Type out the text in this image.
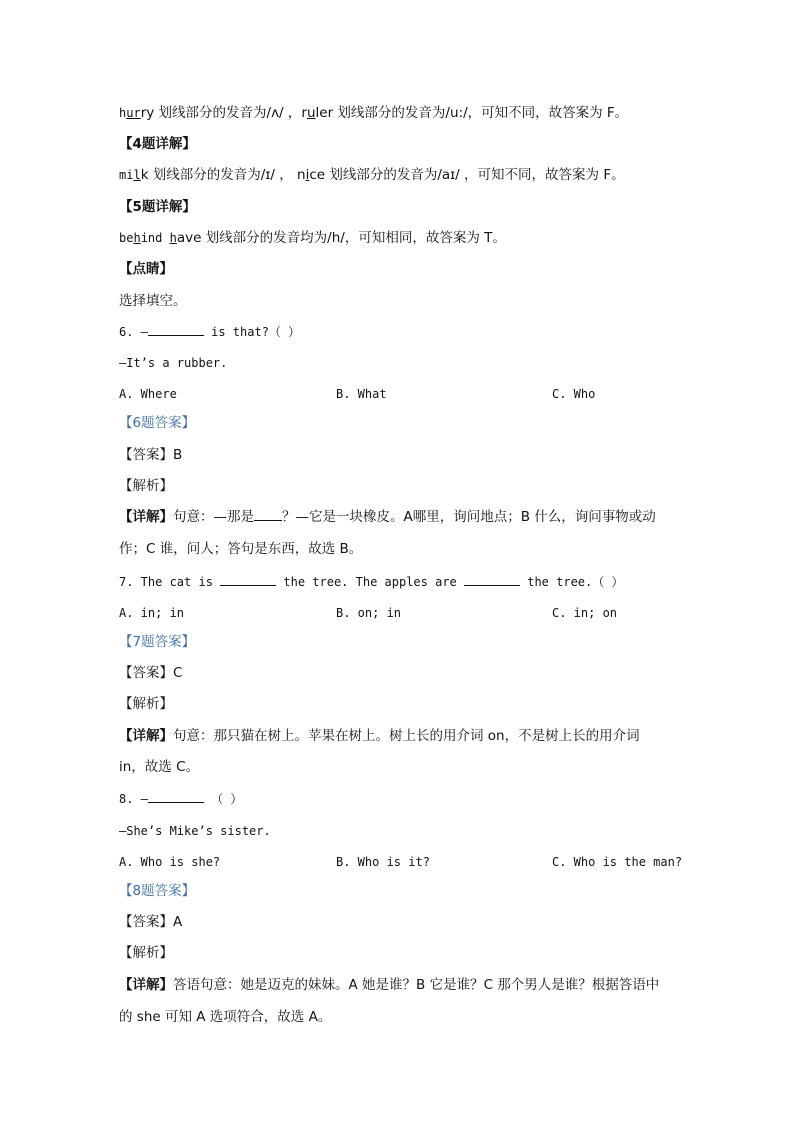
hurry 划线部分的发音为/ʌ/ ，ruler 划线部分的发音为/u:/，可知不同，故答案为 F。
【4题详解】
milk 划线部分的发音为/ɪ/ ， nice 划线部分的发音为/aɪ/ ，可知不同，故答案为 F。
【5题详解】
behind have 划线部分的发音均为/h/，可知相同，故答案为 T。
【点睛】
选择填空。
6. —	is that?（ ）
—It’s a rubber.
A. Where	B. What	C. Who
【6题答案】
【答案】B
【解析】
【详解】句意：—那是 ？—它是一块橡皮。A哪里，询问地点；B 什么，询问事物或动
作；C 谁，问人；答句是东西，故选 B。
7. The cat is	the tree. The apples are	the tree.（ ）
A. in; in	B. on; in	C. in; on
【7题答案】
【答案】C
【解析】
【详解】句意：那只猫在树上。苹果在树上。树上长的用介词 on，不是树上长的用介词
in，故选 C。
8. —	（ ）
—She’s Mike’s sister.
A. Who is she?	B. Who is it?	C. Who is the man?
【8题答案】
【答案】A
【解析】
【详解】答语句意：她是迈克的妹妹。A 她是谁？B 它是谁？C 那个男人是谁？根据答语中
的 she 可知 A 选项符合，故选 A。
